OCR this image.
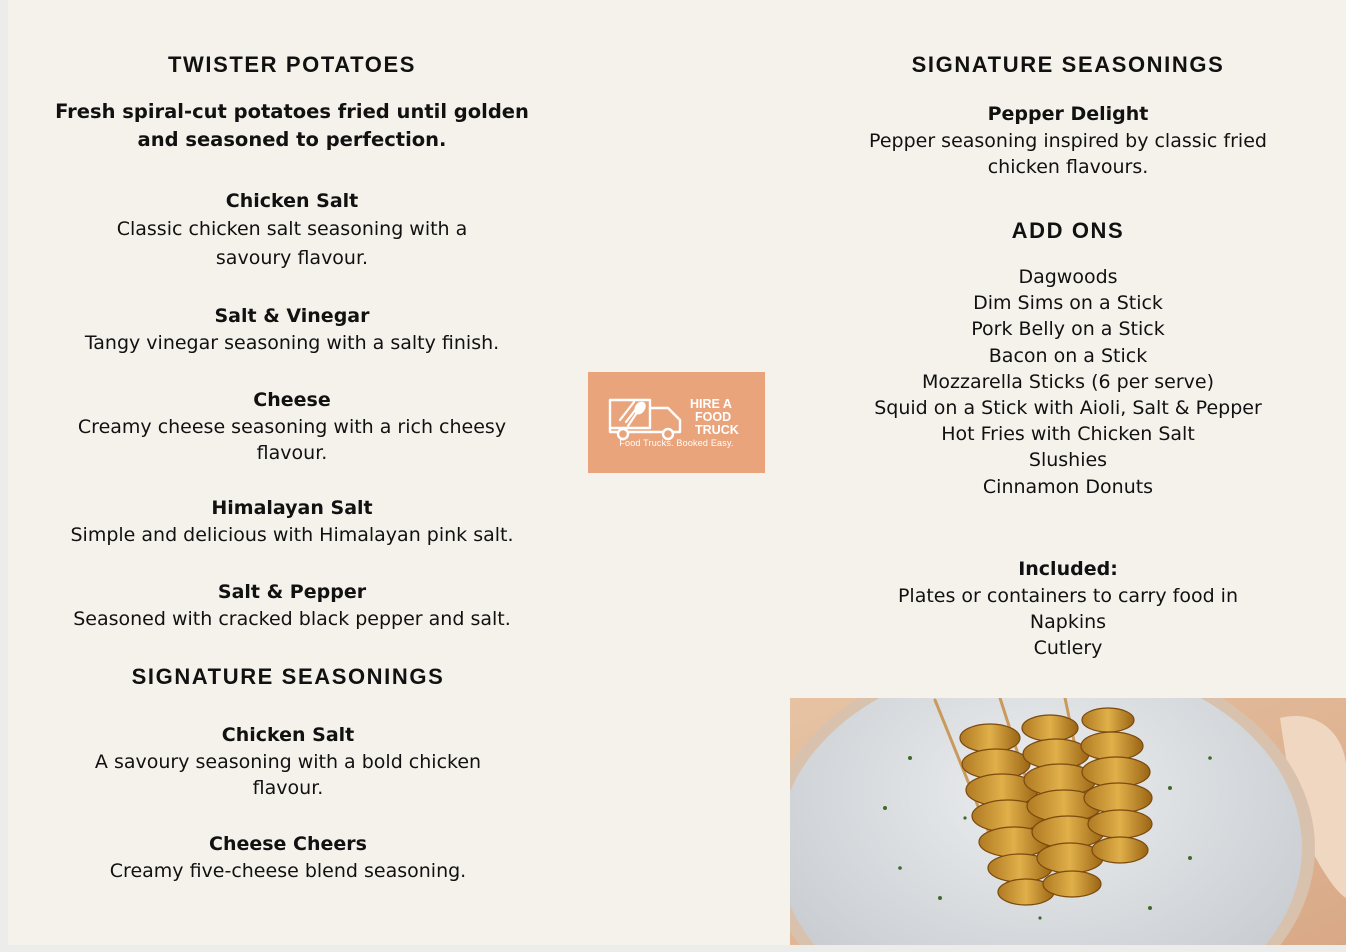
TWISTER POTATOES

Fresh spiral-cut potatoes fried until golden and seasoned to perfection.

Chicken Salt
Classic chicken salt seasoning with a savoury flavour.
Salt & Vinegar
Tangy vinegar seasoning with a salty finish.
Cheese
Creamy cheese seasoning with a rich cheesy flavour.
Himalayan Salt
Simple and delicious with Himalayan pink salt.
Salt & Pepper
Seasoned with cracked black pepper and salt.
SIGNATURE SEASONINGS
Chicken Salt
A savoury seasoning with a bold chicken flavour.
Cheese Cheers
Creamy five-cheese blend seasoning.
HIRE A
FOOD
TRUCK
Food Trucks. Booked Easy.
SIGNATURE SEASONINGS
Pepper Delight
Pepper seasoning inspired by classic fried chicken flavours.
ADD ONS
Dagwoods
Dim Sims on a Stick
Pork Belly on a Stick
Bacon on a Stick
Mozzarella Sticks (6 per serve)
Squid on a Stick with Aioli, Salt & Pepper
Hot Fries with Chicken Salt
Slushies
Cinnamon Donuts
Included:
Plates or containers to carry food in
Napkins
Cutlery
